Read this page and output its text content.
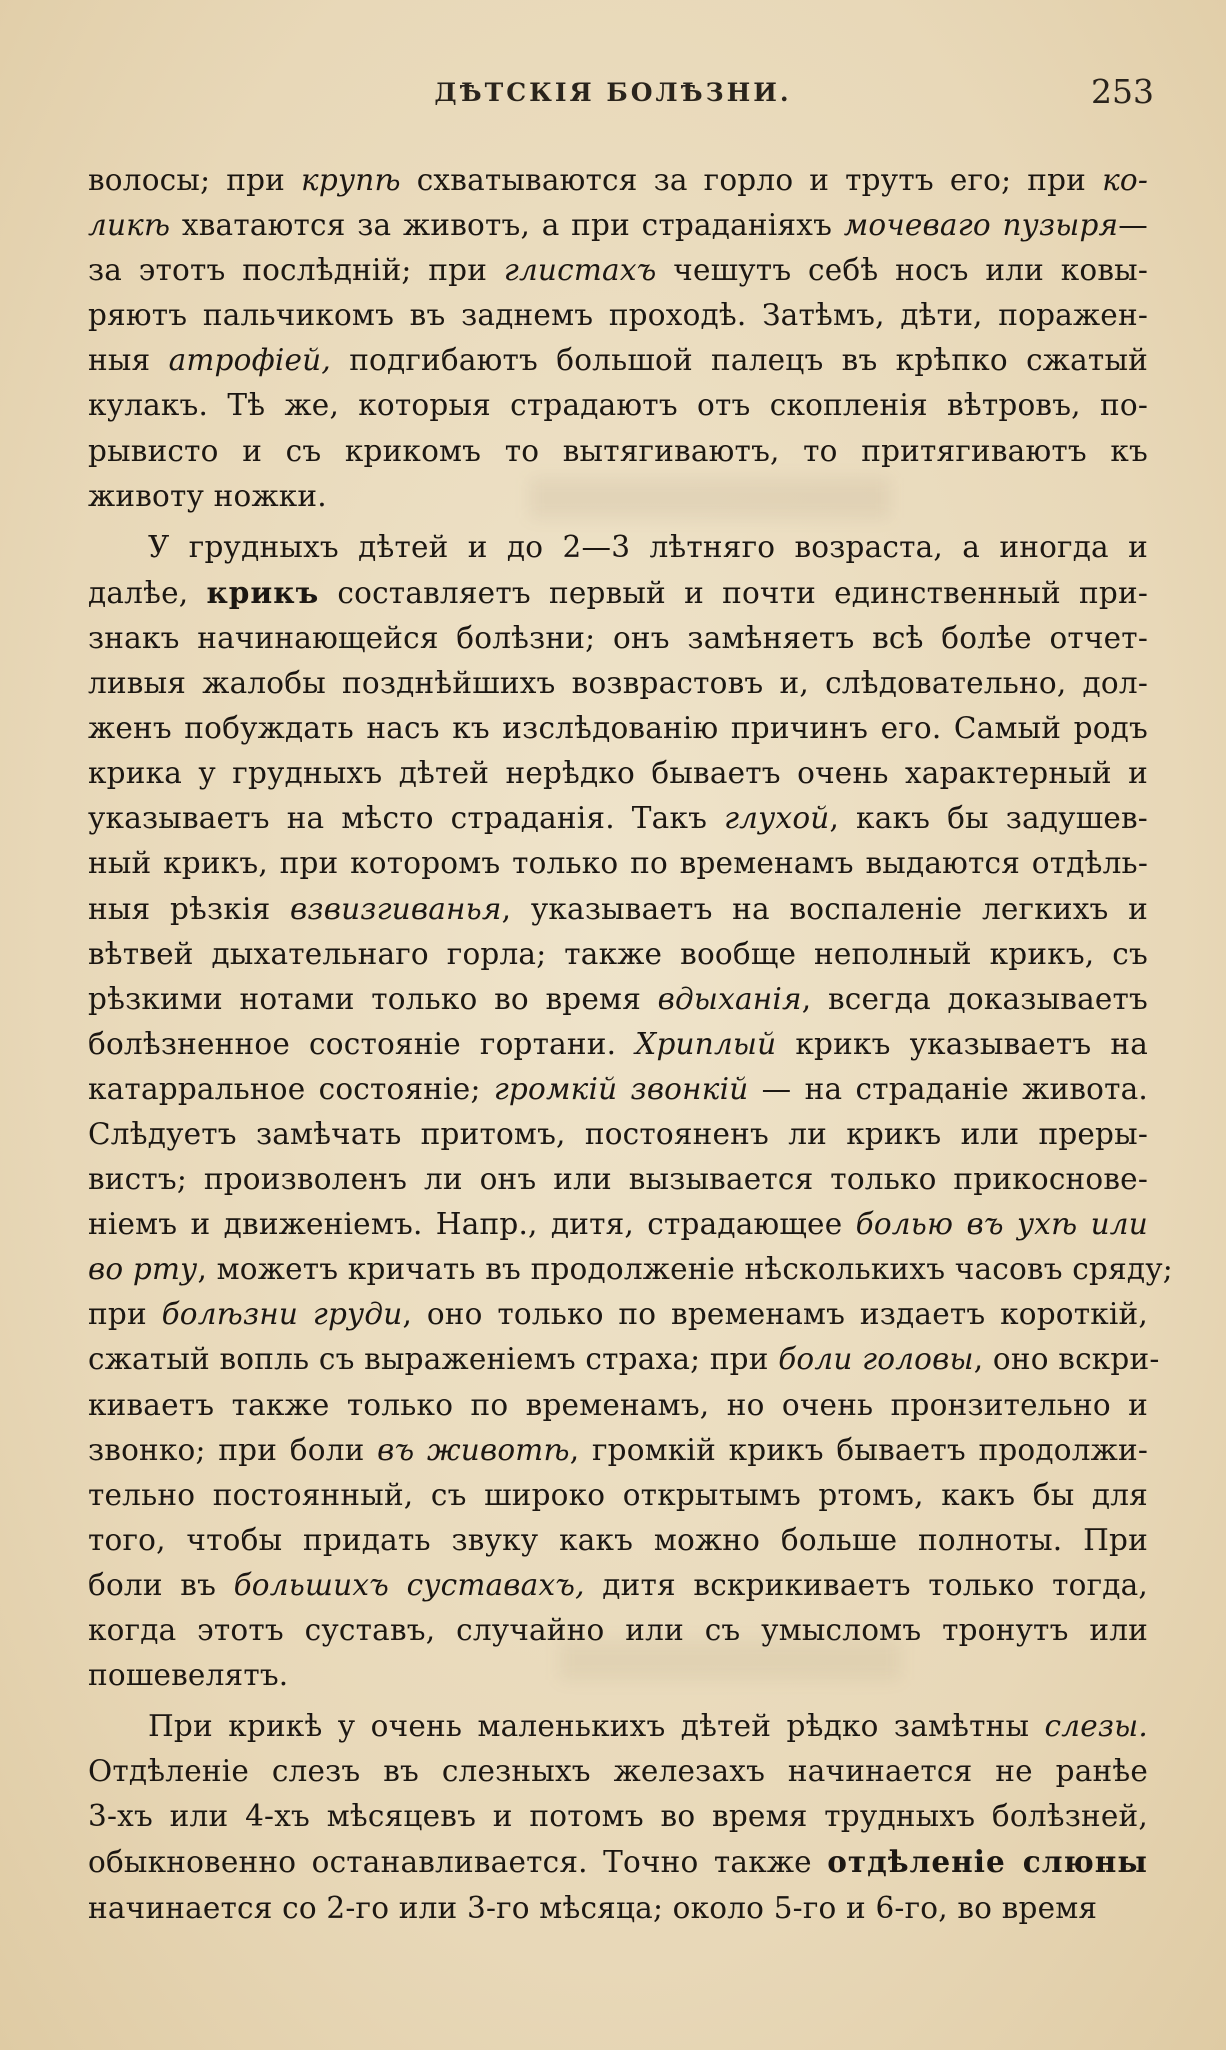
ДѢТСКІЯ БОЛѢЗНИ.	253
волосы; при крупѣ схватываются за горло и трутъ его; при ко-
ликѣ хватаются за животъ, а при страданіяхъ мочеваго пузыря—
за этотъ послѣдній; при глистахъ чешутъ себѣ носъ или ковы-
ряютъ пальчикомъ въ заднемъ проходѣ. Затѣмъ, дѣти, поражен-
ныя атрофіей, подгибаютъ большой палецъ въ крѣпко сжатый
кулакъ. Тѣ же, которыя страдаютъ отъ скопленія вѣтровъ, по-
рывисто и съ крикомъ то вытягиваютъ, то притягиваютъ къ
животу ножки.
У грудныхъ дѣтей и до 2—3 лѣтняго возраста, а иногда и
далѣе, крикъ составляетъ первый и почти единственный при-
знакъ начинающейся болѣзни; онъ замѣняетъ всѣ болѣе отчет-
ливыя жалобы позднѣйшихъ возврастовъ и, слѣдовательно, дол-
женъ побуждать насъ къ изслѣдованію причинъ его. Самый родъ
крика у грудныхъ дѣтей нерѣдко бываетъ очень характерный и
указываетъ на мѣсто страданія. Такъ глухой, какъ бы задушев-
ный крикъ, при которомъ только по временамъ выдаются отдѣль-
ныя рѣзкія взвизгиванья, указываетъ на воспаленіе легкихъ и
вѣтвей дыхательнаго горла; также вообще неполный крикъ, съ
рѣзкими нотами только во время вдыханія, всегда доказываетъ
болѣзненное состояніе гортани. Хриплый крикъ указываетъ на
катарральное состояніе; громкій звонкій — на страданіе живота.
Слѣдуетъ замѣчать притомъ, постояненъ ли крикъ или преры-
вистъ; произволенъ ли онъ или вызывается только прикоснове-
ніемъ и движеніемъ. Напр., дитя, страдающее болью въ ухѣ или
во рту, можетъ кричать въ продолженіе нѣсколькихъ часовъ сряду;
при болѣзни груди, оно только по временамъ издаетъ короткій,
сжатый вопль съ выраженіемъ страха; при боли головы, оно вскри-
киваетъ также только по временамъ, но очень пронзительно и
звонко; при боли въ животѣ, громкій крикъ бываетъ продолжи-
тельно постоянный, съ широко открытымъ ртомъ, какъ бы для
того, чтобы придать звуку какъ можно больше полноты. При
боли въ большихъ суставахъ, дитя вскрикиваетъ только тогда,
когда этотъ суставъ, случайно или съ умысломъ тронутъ или
пошевелятъ.
При крикѣ у очень маленькихъ дѣтей рѣдко замѣтны слезы.
Отдѣленіе слезъ въ слезныхъ железахъ начинается не ранѣе
3-хъ или 4-хъ мѣсяцевъ и потомъ во время трудныхъ болѣзней,
обыкновенно останавливается. Точно также отдѣленіе слюны
начинается со 2-го или 3-го мѣсяца; около 5-го и 6-го, во время
